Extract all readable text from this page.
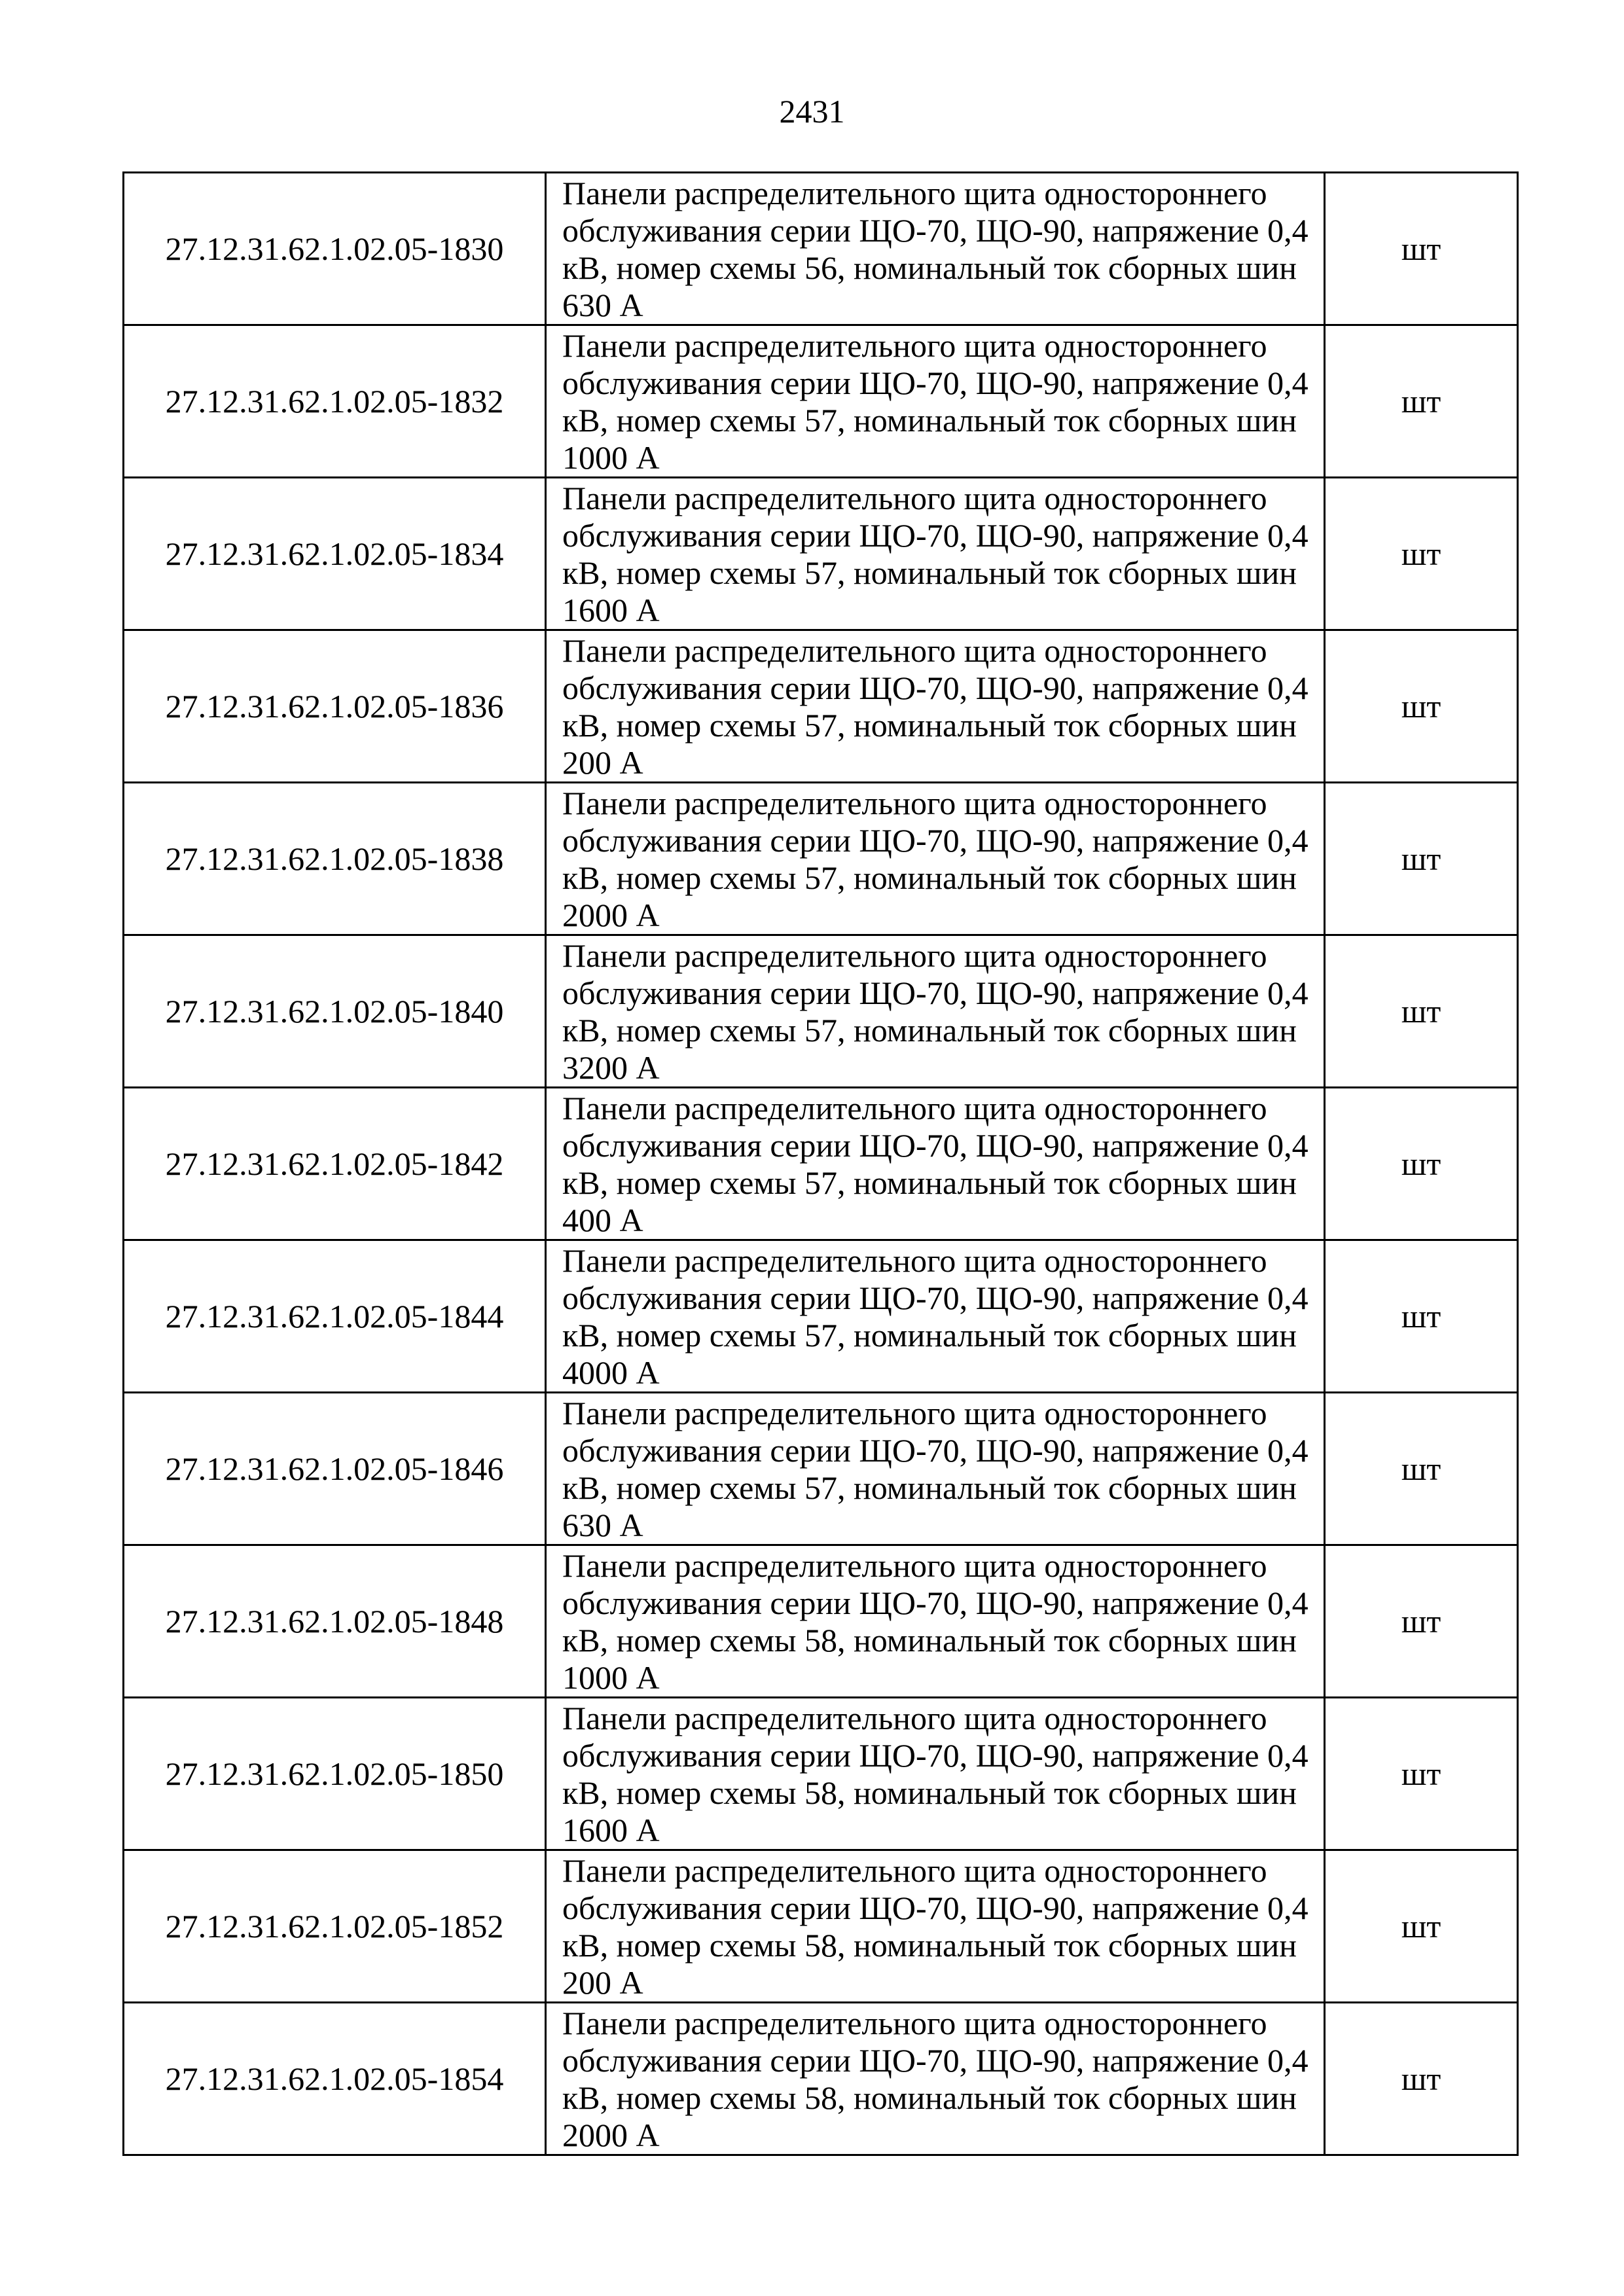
2431
27.12.31.62.1.02.05-1830	Панели распределительного щита одностороннего
обслуживания серии ЩО-70, ЩО-90, напряжение 0,4
кВ, номер схемы 56, номинальный ток сборных шин
630 А	шт
27.12.31.62.1.02.05-1832	Панели распределительного щита одностороннего
обслуживания серии ЩО-70, ЩО-90, напряжение 0,4
кВ, номер схемы 57, номинальный ток сборных шин
1000 А	шт
27.12.31.62.1.02.05-1834	Панели распределительного щита одностороннего
обслуживания серии ЩО-70, ЩО-90, напряжение 0,4
кВ, номер схемы 57, номинальный ток сборных шин
1600 А	шт
27.12.31.62.1.02.05-1836	Панели распределительного щита одностороннего
обслуживания серии ЩО-70, ЩО-90, напряжение 0,4
кВ, номер схемы 57, номинальный ток сборных шин
200 А	шт
27.12.31.62.1.02.05-1838	Панели распределительного щита одностороннего
обслуживания серии ЩО-70, ЩО-90, напряжение 0,4
кВ, номер схемы 57, номинальный ток сборных шин
2000 А	шт
27.12.31.62.1.02.05-1840	Панели распределительного щита одностороннего
обслуживания серии ЩО-70, ЩО-90, напряжение 0,4
кВ, номер схемы 57, номинальный ток сборных шин
3200 А	шт
27.12.31.62.1.02.05-1842	Панели распределительного щита одностороннего
обслуживания серии ЩО-70, ЩО-90, напряжение 0,4
кВ, номер схемы 57, номинальный ток сборных шин
400 А	шт
27.12.31.62.1.02.05-1844	Панели распределительного щита одностороннего
обслуживания серии ЩО-70, ЩО-90, напряжение 0,4
кВ, номер схемы 57, номинальный ток сборных шин
4000 А	шт
27.12.31.62.1.02.05-1846	Панели распределительного щита одностороннего
обслуживания серии ЩО-70, ЩО-90, напряжение 0,4
кВ, номер схемы 57, номинальный ток сборных шин
630 А	шт
27.12.31.62.1.02.05-1848	Панели распределительного щита одностороннего
обслуживания серии ЩО-70, ЩО-90, напряжение 0,4
кВ, номер схемы 58, номинальный ток сборных шин
1000 А	шт
27.12.31.62.1.02.05-1850	Панели распределительного щита одностороннего
обслуживания серии ЩО-70, ЩО-90, напряжение 0,4
кВ, номер схемы 58, номинальный ток сборных шин
1600 А	шт
27.12.31.62.1.02.05-1852	Панели распределительного щита одностороннего
обслуживания серии ЩО-70, ЩО-90, напряжение 0,4
кВ, номер схемы 58, номинальный ток сборных шин
200 А	шт
27.12.31.62.1.02.05-1854	Панели распределительного щита одностороннего
обслуживания серии ЩО-70, ЩО-90, напряжение 0,4
кВ, номер схемы 58, номинальный ток сборных шин
2000 А	шт
